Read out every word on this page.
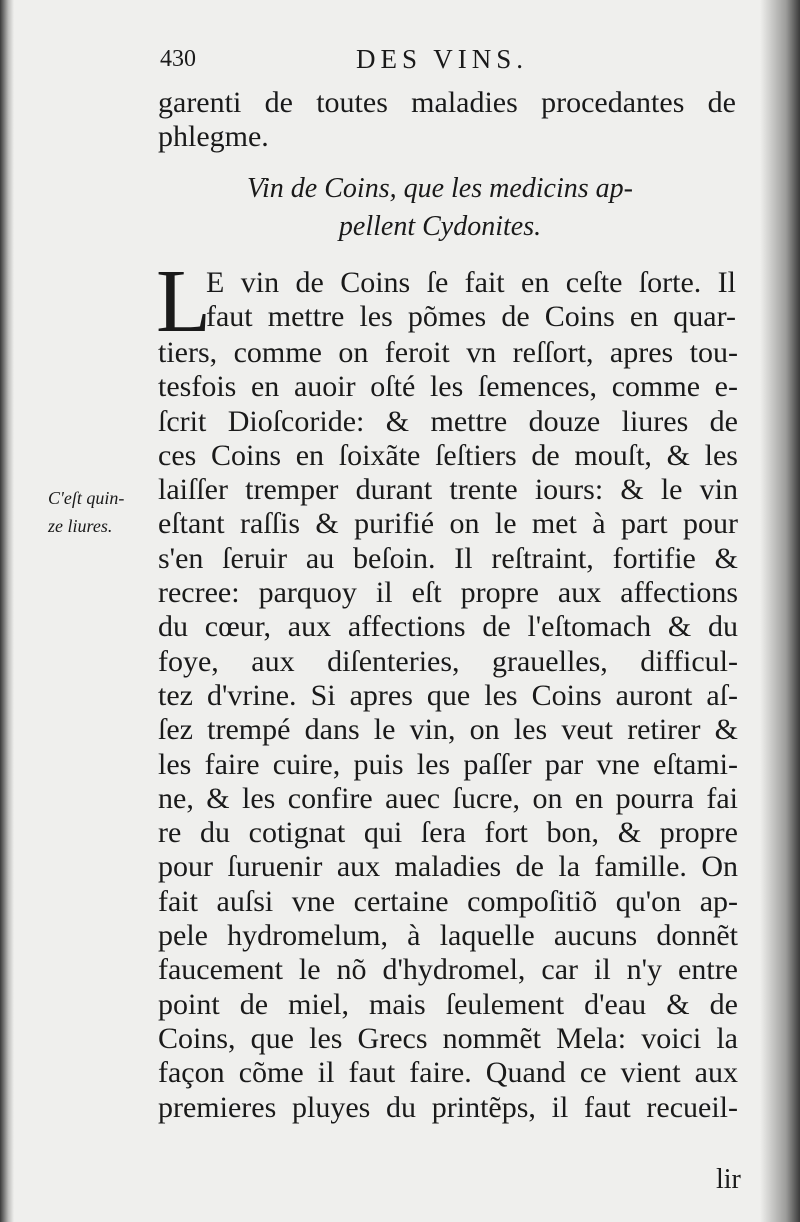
430	DES VINS.
garenti de toutes maladies procedantes de
phlegme.
Vin de Coins, que les medicins ap-
pellent Cydonites.
L
E vin de Coins ſe fait en ceſte ſorte. Il
faut mettre les põmes de Coins en quar-
tiers, comme on feroit vn reſſort, apres tou-
tesfois en auoir oſté les ſemences, comme e-
ſcrit Dioſcoride: & mettre douze liures de
ces Coins en ſoixãte ſeſtiers de mouſt, & les
laiſſer tremper durant trente iours: & le vin
eſtant raſſis & purifié on le met à part pour
s'en ſeruir au beſoin. Il reſtraint, fortifie &
recree: parquoy il eſt propre aux affections
du cœur, aux affections de l'eſtomach & du
foye, aux diſenteries, grauelles, difficul-
tez d'vrine. Si apres que les Coins auront aſ-
ſez trempé dans le vin, on les veut retirer &
les faire cuire, puis les paſſer par vne eſtami-
ne, & les confire auec ſucre, on en pourra fai
re du cotignat qui ſera fort bon, & propre
pour ſuruenir aux maladies de la famille. On
fait auſsi vne certaine compoſitiõ qu'on ap-
pele hydromelum, à laquelle aucuns donnẽt
faucement le nõ d'hydromel, car il n'y entre
point de miel, mais ſeulement d'eau & de
Coins, que les Grecs nommẽt Mela: voici la
façon cõme il faut faire. Quand ce vient aux
premieres pluyes du printẽps, il faut recueil-
C'eſt quin-
ze liures.
lir
